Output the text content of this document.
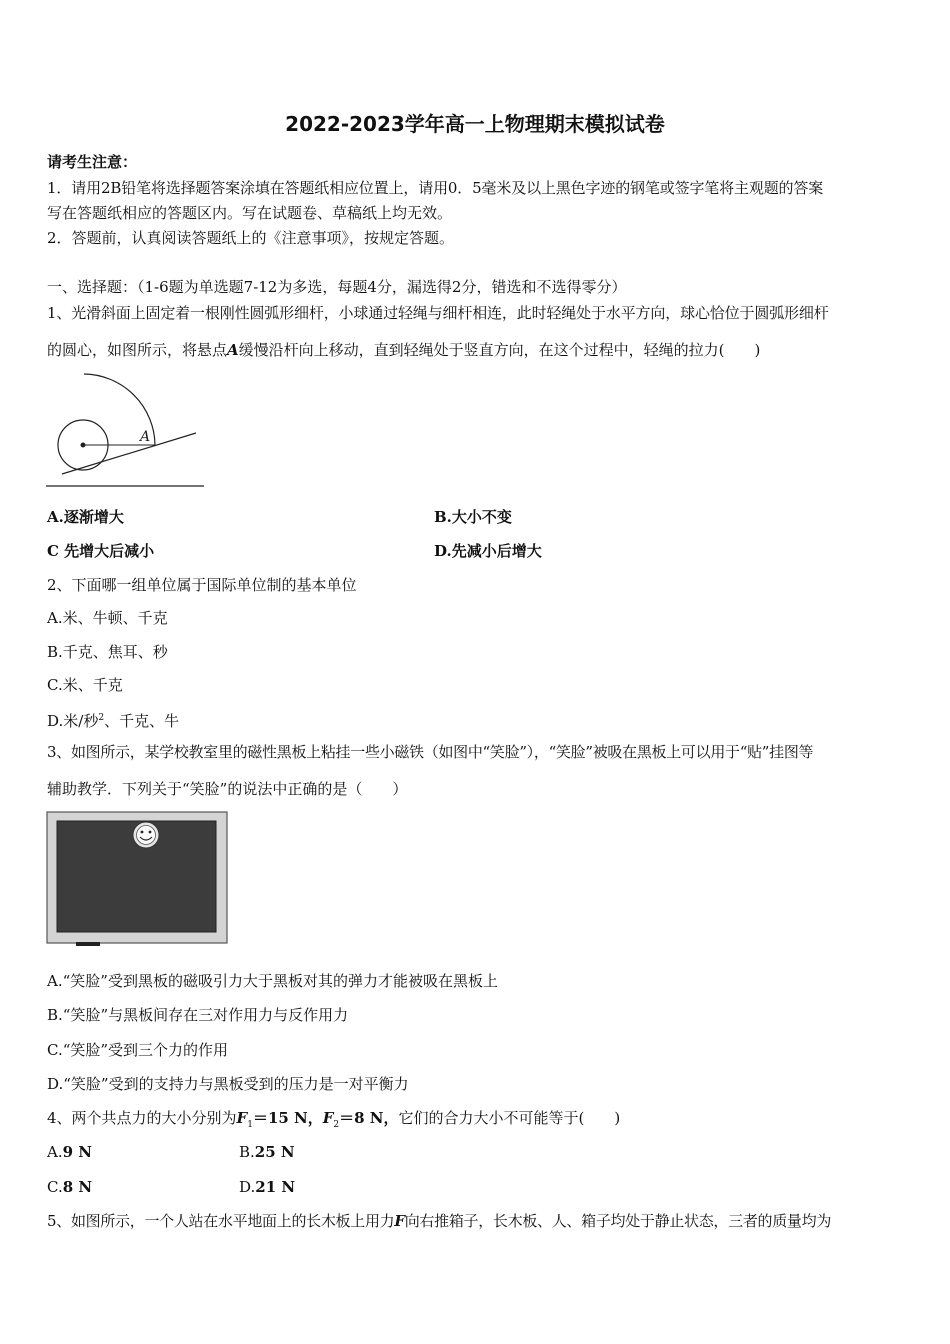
2022-2023学年高一上物理期末模拟试卷
请考生注意：
1．请用2B铅笔将选择题答案涂填在答题纸相应位置上，请用0．5毫米及以上黑色字迹的钢笔或签字笔将主观题的答案
写在答题纸相应的答题区内。写在试题卷、草稿纸上均无效。
2．答题前，认真阅读答题纸上的《注意事项》，按规定答题。
一、选择题：（1-6题为单选题7-12为多选，每题4分，漏选得2分，错选和不选得零分）
1、光滑斜面上固定着一根刚性圆弧形细杆，小球通过轻绳与细杆相连，此时轻绳处于水平方向，球心恰位于圆弧形细杆
的圆心，如图所示，将悬点A缓慢沿杆向上移动，直到轻绳处于竖直方向，在这个过程中，轻绳的拉力(　　)
A
A.逐渐增大	B.大小不变
C 先增大后减小	D.先减小后增大
2、下面哪一组单位属于国际单位制的基本单位
A.米、牛顿、千克
B.千克、焦耳、秒
C.米、千克
D.米/秒$^2$、千克、牛
3、如图所示，某学校教室里的磁性黑板上粘挂一些小磁铁（如图中“笑脸”），“笑脸”被吸在黑板上可以用于“贴”挂图等
辅助教学．下列关于“笑脸”的说法中正确的是（　　）
A.“笑脸”受到黑板的磁吸引力大于黑板对其的弹力才能被吸在黑板上
B.“笑脸”与黑板间存在三对作用力与反作用力
C.“笑脸”受到三个力的作用
D.“笑脸”受到的支持力与黑板受到的压力是一对平衡力
4、两个共点力的大小分别为$F_1=15$ N，$F_2=8$ N，它们的合力大小不可能等于(　　)
A.9 N	B.25 N
C.8 N	D.21 N
5、如图所示，一个人站在水平地面上的长木板上用力F向右推箱子，长木板、人、箱子均处于静止状态，三者的质量均为
